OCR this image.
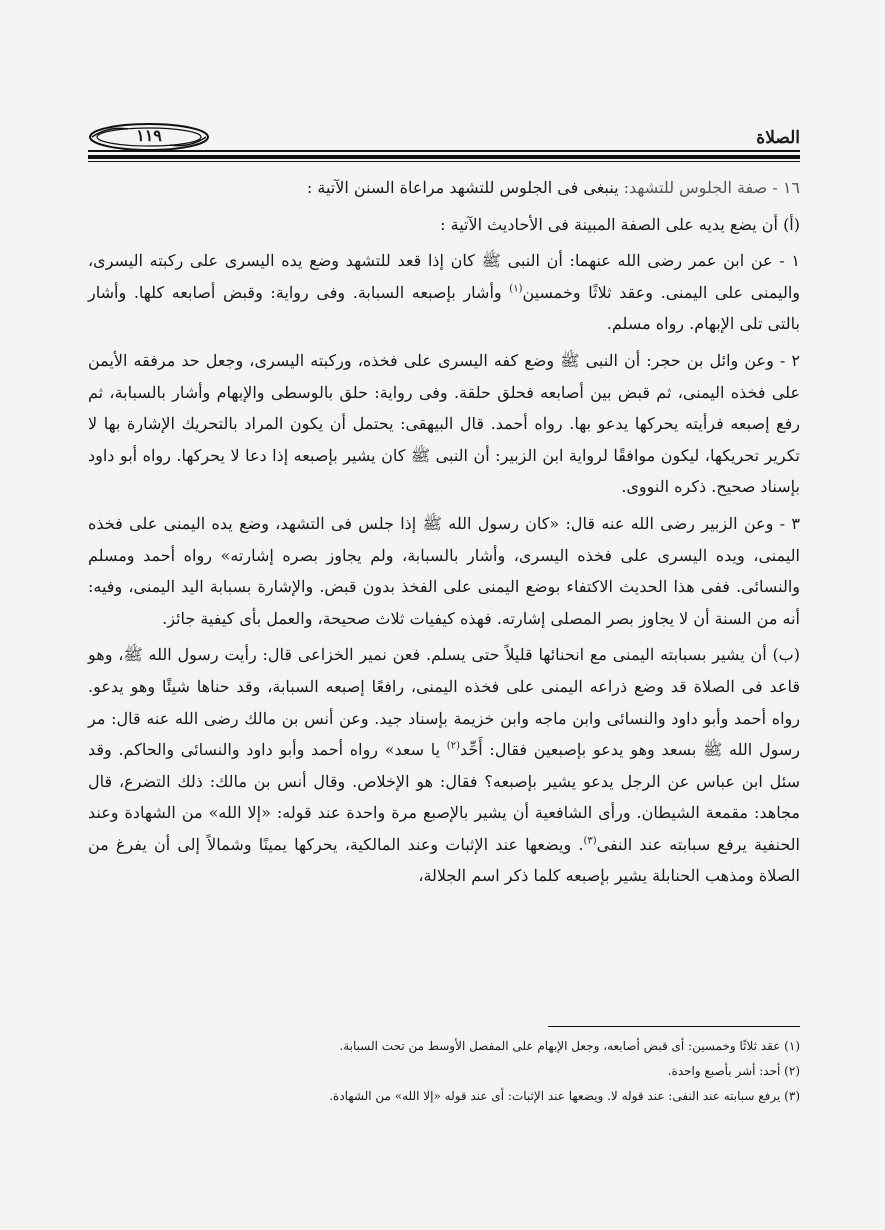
الصلاة
١١٩

١٦ - صفة الجلوس للتشهد: ينبغى فى الجلوس للتشهد مراعاة السنن الآتية :

(أ) أن يضع يديه على الصفة المبينة فى الأحاديث الآتية :

١ - عن ابن عمر رضى الله عنهما: أن النبى ﷺ كان إذا قعد للتشهد وضع يده اليسرى على ركبته اليسرى، واليمنى على اليمنى. وعقد ثلاثًا وخمسين$^{(١)}$ وأشار بإصبعه السبابة. وفى رواية: وقبض أصابعه كلها. وأشار بالتى تلى الإبهام. رواه مسلم.

٢ - وعن وائل بن حجر: أن النبى ﷺ وضع كفه اليسرى على فخذه، وركبته اليسرى، وجعل حد مرفقه الأيمن على فخذه اليمنى، ثم قبض بين أصابعه فحلق حلقة. وفى رواية: حلق بالوسطى والإبهام وأشار بالسبابة، ثم رفع إصبعه فرأيته يحركها يدعو بها. رواه أحمد. قال البيهقى: يحتمل أن يكون المراد بالتحريك الإشارة بها لا تكرير تحريكها، ليكون موافقًا لرواية ابن الزبير: أن النبى ﷺ كان يشير بإصبعه إذا دعا لا يحركها. رواه أبو داود بإسناد صحيح. ذكره النووى.

٣ - وعن الزبير رضى الله عنه قال: «كان رسول الله ﷺ إذا جلس فى التشهد، وضع يده اليمنى على فخذه اليمنى، ويده اليسرى على فخذه اليسرى، وأشار بالسبابة، ولم يجاوز بصره إشارته» رواه أحمد ومسلم والنسائى. ففى هذا الحديث الاكتفاء بوضع اليمنى على الفخذ بدون قبض. والإشارة بسبابة اليد اليمنى، وفيه: أنه من السنة أن لا يجاوز بصر المصلى إشارته. فهذه كيفيات ثلاث صحيحة، والعمل بأى كيفية جائز.

(ب) أن يشير بسبابته اليمنى مع انحنائها قليلاً حتى يسلم. فعن نمير الخزاعى قال: رأيت رسول الله ﷺ، وهو قاعد فى الصلاة قد وضع ذراعه اليمنى على فخذه اليمنى، رافعًا إصبعه السبابة، وقد حناها شيئًا وهو يدعو. رواه أحمد وأبو داود والنسائى وابن ماجه وابن خزيمة بإسناد جيد. وعن أنس بن مالك رضى الله عنه قال: مر رسول الله ﷺ بسعد وهو يدعو بإصبعين فقال: أَحِّد$^{(٢)}$ يا سعد» رواه أحمد وأبو داود والنسائى والحاكم. وقد سئل ابن عباس عن الرجل يدعو يشير بإصبعه؟ فقال: هو الإخلاص. وقال أنس بن مالك: ذلك التضرع، قال مجاهد: مقمعة الشيطان. ورأى الشافعية أن يشير بالإصبع مرة واحدة عند قوله: «إلا الله» من الشهادة وعند الحنفية يرفع سبابته عند النفى$^{(٣)}$. ويضعها عند الإثبات وعند المالكية، يحركها يمينًا وشمالاً إلى أن يفرغ من الصلاة ومذهب الحنابلة يشير بإصبعه كلما ذكر اسم الجلالة،

(١) عقد ثلاثًا وخمسين: أى قبض أصابعه، وجعل الإبهام على المفصل الأوسط من تحت السبابة.
(٢) أحد: أشر بأصبع واحدة.
(٣) يرفع سبابته عند النفى: عند قوله لا. ويضعها عند الإثبات: أى عند قوله «إلا الله» من الشهادة.
